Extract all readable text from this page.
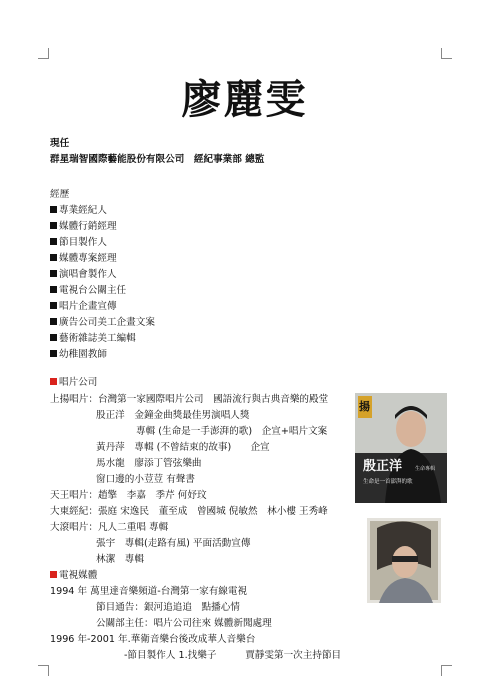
廖麗雯
現任
群星瑞智國際藝能股份有限公司　經紀事業部 總監
經歷
專業經紀人
媒體行銷經理
節目製作人
媒體專案經理
演唱會製作人
電視台公關主任
唱片企畫宣傳
廣告公司美工企畫文案
藝術雜誌美工編輯
幼稚園教師
唱片公司
上揚唱片：台灣第一家國際唱片公司　國語流行與古典音樂的殿堂
股正洋　金鐘金曲獎最佳男演唱人獎
專輯 (生命是一手澎湃的歌)　企宣+唱片文案
黃丹萍　專輯 (不曾結束的故事)　　企宣
馬水龍　廖添丁管弦樂曲
窗口邊的小荳荳 有聲書
天王唱片：趙擎　李嘉　季芹 何妤玟
大東經紀：張庭 宋逸民　董至成　曾國城 倪敏然　林小樓 王秀峰
大滾唱片：凡人二重唱 專輯
張宇　專輯(走路有風) 平面活動宣傳
林潔　專輯
電視媒體
1994 年 萬里達音樂頻道-台灣第一家有線電視
節目通告：銀河追追追　點播心情
公關部主任：唱片公司往來 媒體新聞處理
1996 年-2001 年.華衛音樂台後改成華人音樂台
-節目製作人 1.找樂子　　　賈靜雯第一次主持節目
揚
殷正洋	生命專輯
生命是一首澎湃的歌
